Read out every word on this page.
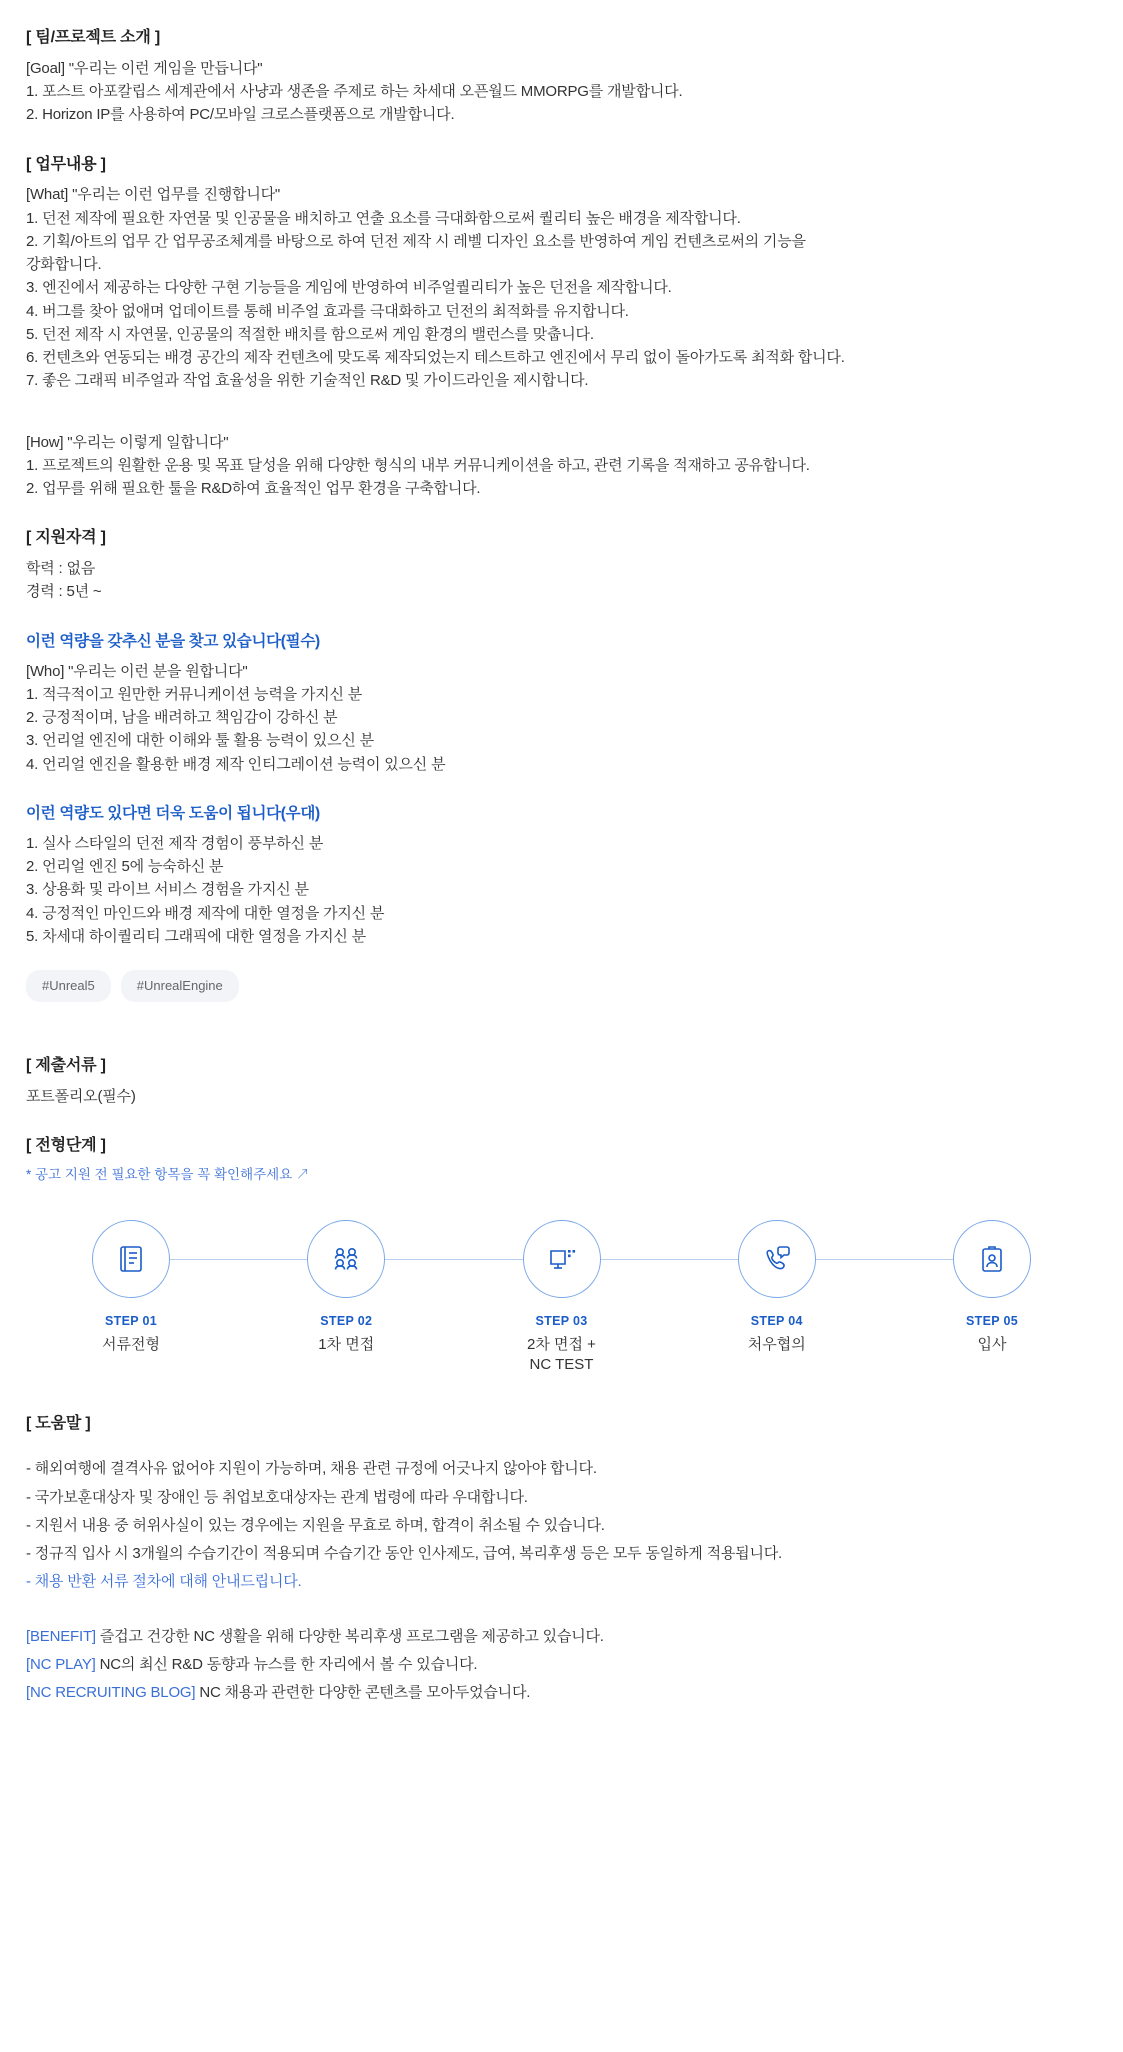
[ 팀/프로젝트 소개 ]

[Goal] "우리는 이런 게임을 만듭니다"

1. 포스트 아포칼립스 세계관에서 사냥과 생존을 주제로 하는 차세대 오픈월드 MMORPG를 개발합니다.

2. Horizon IP를 사용하여 PC/모바일 크로스플랫폼으로 개발합니다.

[ 업무내용 ]

[What] "우리는 이런 업무를 진행합니다"

1. 던전 제작에 필요한 자연물 및 인공물을 배치하고 연출 요소를 극대화함으로써 퀄리티 높은 배경을 제작합니다.

2. 기획/아트의 업무 간 업무공조체계를 바탕으로 하여 던전 제작 시 레벨 디자인 요소를 반영하여 게임 컨텐츠로써의 기능을

강화합니다.

3. 엔진에서 제공하는 다양한 구현 기능들을 게임에 반영하여 비주얼퀄리티가 높은 던전을 제작합니다.

4. 버그를 찾아 없애며 업데이트를 통해 비주얼 효과를 극대화하고 던전의 최적화를 유지합니다.

5. 던전 제작 시 자연물, 인공물의 적절한 배치를 함으로써 게임 환경의 밸런스를 맞춥니다.

6. 컨텐츠와 연동되는 배경 공간의 제작 컨텐츠에 맞도록 제작되었는지 테스트하고 엔진에서 무리 없이 돌아가도록 최적화 합니다.

7. 좋은 그래픽 비주얼과 작업 효율성을 위한 기술적인 R&D 및 가이드라인을 제시합니다.

[How] "우리는 이렇게 일합니다"

1. 프로젝트의 원활한 운용 및 목표 달성을 위해 다양한 형식의 내부 커뮤니케이션을 하고, 관련 기록을 적재하고 공유합니다.

2. 업무를 위해 필요한 툴을 R&D하여 효율적인 업무 환경을 구축합니다.

[ 지원자격 ]

학력 : 없음

경력 : 5년 ~

이런 역량을 갖추신 분을 찾고 있습니다(필수)

[Who] "우리는 이런 분을 원합니다"

1. 적극적이고 원만한 커뮤니케이션 능력을 가지신 분

2. 긍정적이며, 남을 배려하고 책임감이 강하신 분

3. 언리얼 엔진에 대한 이해와 툴 활용 능력이 있으신 분

4. 언리얼 엔진을 활용한 배경 제작 인티그레이션 능력이 있으신 분

이런 역량도 있다면 더욱 도움이 됩니다(우대)

1. 실사 스타일의 던전 제작 경험이 풍부하신 분

2. 언리얼 엔진 5에 능숙하신 분

3. 상용화 및 라이브 서비스 경험을 가지신 분

4. 긍정적인 마인드와 배경 제작에 대한 열정을 가지신 분

5. 차세대 하이퀄리티 그래픽에 대한 열정을 가지신 분

#Unreal5	#UnrealEngine
[ 제출서류 ]

포트폴리오(필수)

[ 전형단계 ]

* 공고 지원 전 필요한 항목을 꼭 확인해주세요 ↗

STEP 01
서류전형
STEP 02
1차 면접
STEP 03
2차 면접 +
NC TEST
STEP 04
처우협의
STEP 05
입사
[ 도움말 ]

- 해외여행에 결격사유 없어야 지원이 가능하며, 채용 관련 규정에 어긋나지 않아야 합니다.

- 국가보훈대상자 및 장애인 등 취업보호대상자는 관계 법령에 따라 우대합니다.

- 지원서 내용 중 허위사실이 있는 경우에는 지원을 무효로 하며, 합격이 취소될 수 있습니다.

- 정규직 입사 시 3개월의 수습기간이 적용되며 수습기간 동안 인사제도, 급여, 복리후생 등은 모두 동일하게 적용됩니다.

- 채용 반환 서류 절차에 대해 안내드립니다.

[BENEFIT] 즐겁고 건강한 NC 생활을 위해 다양한 복리후생 프로그램을 제공하고 있습니다.

[NC PLAY] NC의 최신 R&D 동향과 뉴스를 한 자리에서 볼 수 있습니다.

[NC RECRUITING BLOG] NC 채용과 관련한 다양한 콘텐츠를 모아두었습니다.
